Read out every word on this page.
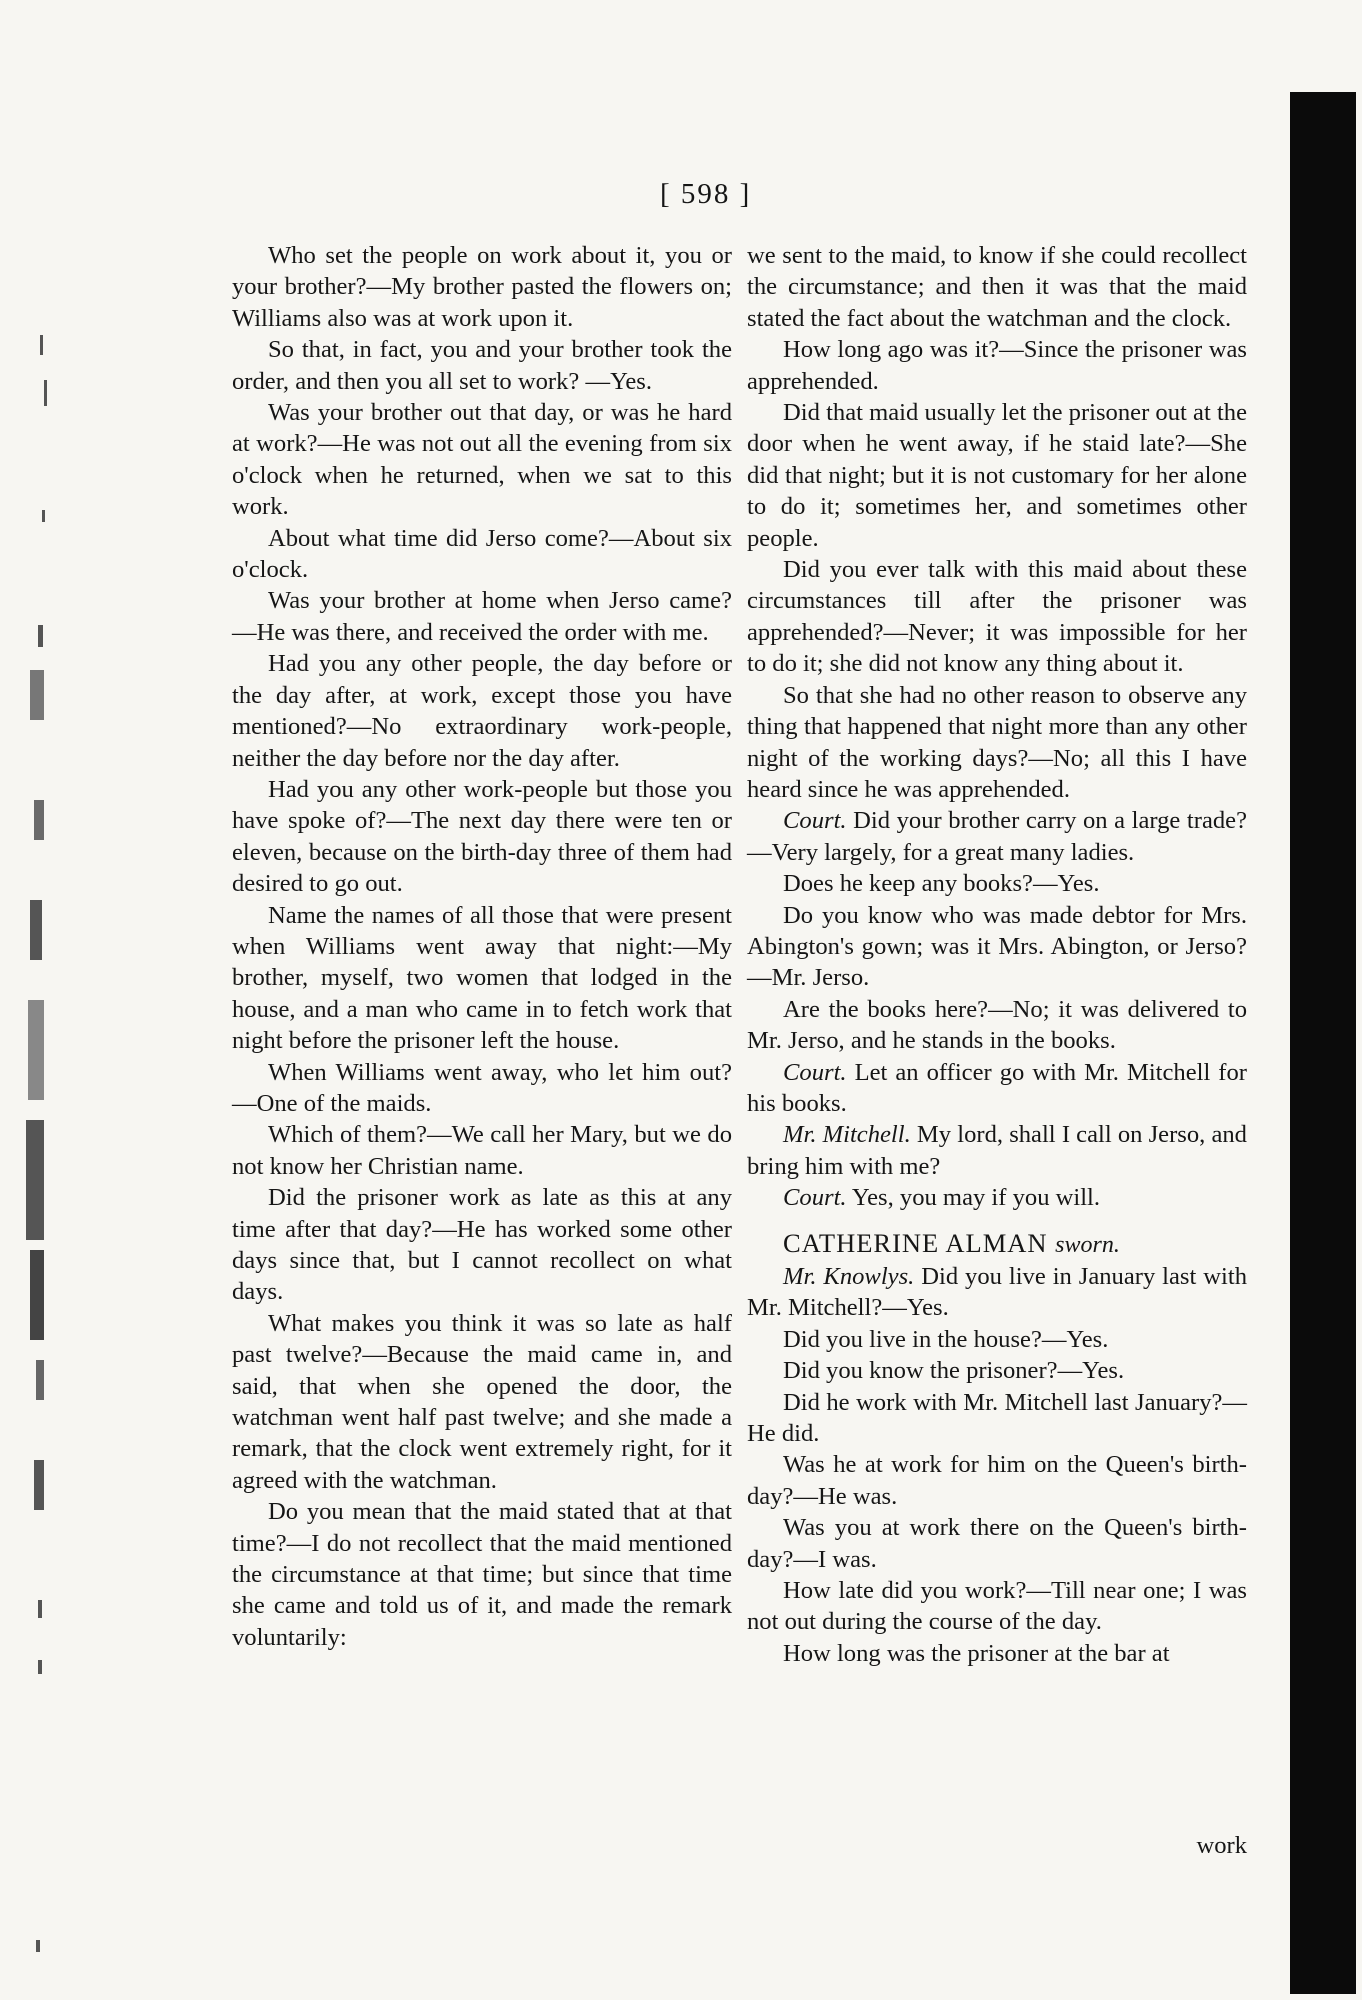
[ 598 ]

Who set the people on work about it, you or your brother?—My brother pasted the flowers on; Williams also was at work upon it.

So that, in fact, you and your brother took the order, and then you all set to work? —Yes.

Was your brother out that day, or was he hard at work?—He was not out all the evening from six o'clock when he returned, when we sat to this work.

About what time did Jerso come?—About six o'clock.

Was your brother at home when Jerso came?—He was there, and received the order with me.

Had you any other people, the day before or the day after, at work, except those you have mentioned?—No extraordinary work-people, neither the day before nor the day after.

Had you any other work-people but those you have spoke of?—The next day there were ten or eleven, because on the birth-day three of them had desired to go out.

Name the names of all those that were present when Williams went away that night:—My brother, myself, two women that lodged in the house, and a man who came in to fetch work that night before the prisoner left the house.

When Williams went away, who let him out?—One of the maids.

Which of them?—We call her Mary, but we do not know her Christian name.

Did the prisoner work as late as this at any time after that day?—He has worked some other days since that, but I cannot recollect on what days.

What makes you think it was so late as half past twelve?—Because the maid came in, and said, that when she opened the door, the watchman went half past twelve; and she made a remark, that the clock went extremely right, for it agreed with the watchman.

Do you mean that the maid stated that at that time?—I do not recollect that the maid mentioned the circumstance at that time; but since that time she came and told us of it, and made the remark voluntarily:

we sent to the maid, to know if she could recollect the circumstance; and then it was that the maid stated the fact about the watchman and the clock.

How long ago was it?—Since the prisoner was apprehended.

Did that maid usually let the prisoner out at the door when he went away, if he staid late?—She did that night; but it is not customary for her alone to do it; sometimes her, and sometimes other people.

Did you ever talk with this maid about these circumstances till after the prisoner was apprehended?—Never; it was impossible for her to do it; she did not know any thing about it.

So that she had no other reason to observe any thing that happened that night more than any other night of the working days?—No; all this I have heard since he was apprehended.

Court. Did your brother carry on a large trade?—Very largely, for a great many ladies.

Does he keep any books?—Yes.

Do you know who was made debtor for Mrs. Abington's gown; was it Mrs. Abington, or Jerso?—Mr. Jerso.

Are the books here?—No; it was delivered to Mr. Jerso, and he stands in the books.

Court. Let an officer go with Mr. Mitchell for his books.

Mr. Mitchell. My lord, shall I call on Jerso, and bring him with me?

Court. Yes, you may if you will.

CATHERINE ALMAN sworn.

Mr. Knowlys. Did you live in January last with Mr. Mitchell?—Yes.

Did you live in the house?—Yes.

Did you know the prisoner?—Yes.

Did he work with Mr. Mitchell last January?—He did.

Was he at work for him on the Queen's birth-day?—He was.

Was you at work there on the Queen's birth-day?—I was.

How late did you work?—Till near one; I was not out during the course of the day.

How long was the prisoner at the bar at

work
